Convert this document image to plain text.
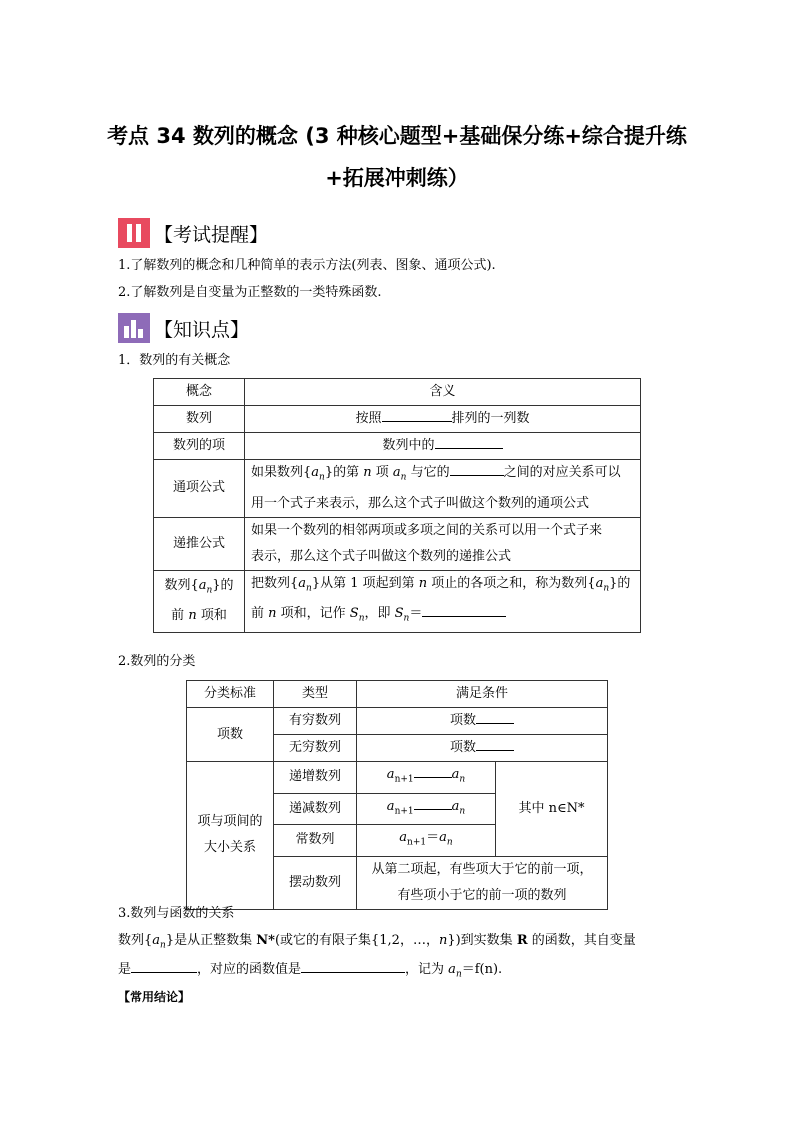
考点 34 数列的概念 (3 种核心题型+基础保分练+综合提升练
+拓展冲刺练）
【考试提醒】
1.了解数列的概念和几种简单的表示方法(列表、图象、通项公式).
2.了解数列是自变量为正整数的一类特殊函数.
【知识点】
1．数列的有关概念
概念	含义
数列	按照 排列的一列数
数列的项	数列中的
通项公式	如果数列$\{a_n\}$的第 n 项 $a_n$ 与它的 之间的对应关系可以
用一个式子来表示，那么这个式子叫做这个数列的通项公式
递推公式	如果一个数列的相邻两项或多项之间的关系可以用一个式子来
表示，那么这个式子叫做这个数列的递推公式
数列$\{a_n\}$的
前 n 项和	把数列$\{a_n\}$从第 1 项起到第 n 项止的各项之和，称为数列$\{a_n\}$的
前 n 项和，记作 $S_n$，即 $S_n=$
2.数列的分类
分类标准	类型	满足条件	
项数	有穷数列	项数	
	无穷数列	项数	
项与项间的
大小关系	递增数列	$a_{n+1}$ $a_n$	其中 n∈N*
	递减数列	$a_{n+1}$ $a_n$
	常数列	$a_{n+1}=a_n$
	摆动数列	从第二项起，有些项大于它的前一项，
有些项小于它的前一项的数列	
3.数列与函数的关系
数列$\{a_n\}$是从正整数集 N*(或它的有限子集{1,2，…，n})到实数集 R 的函数，其自变量
是	，对应的函数值是	，记为 $a_n=f(n)$.
【常用结论】
